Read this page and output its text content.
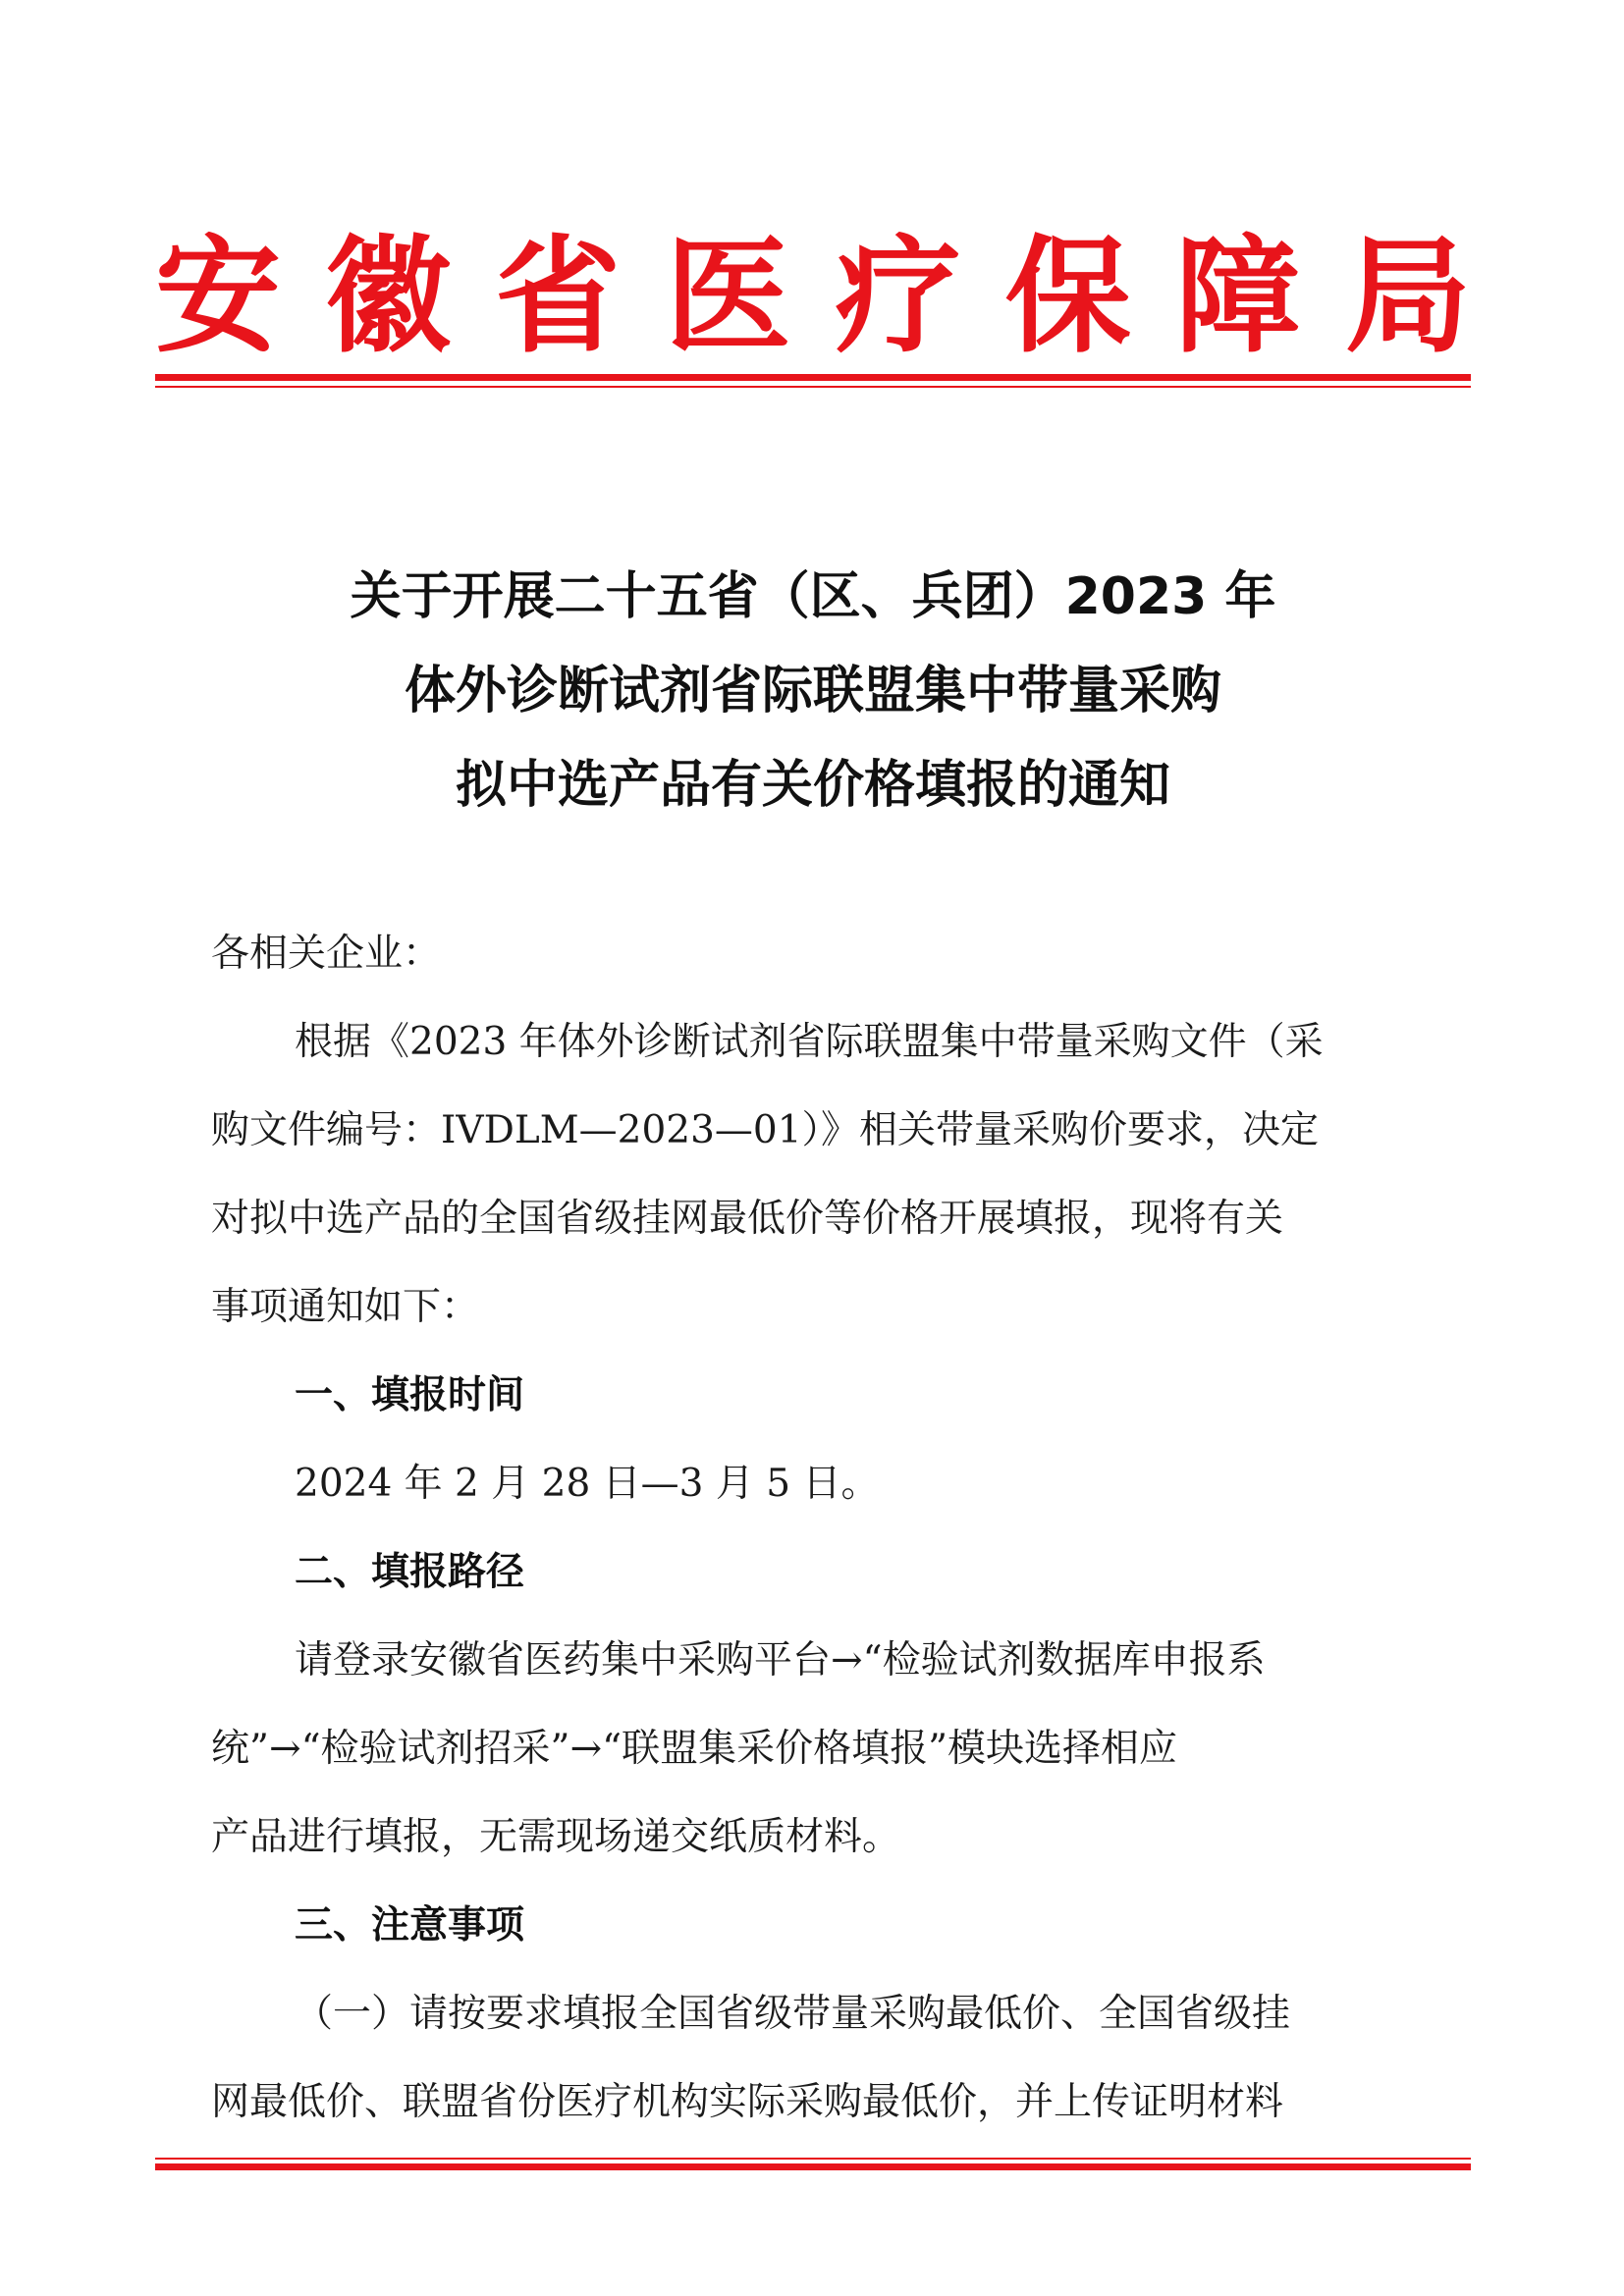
安 徽 省 医 疗 保 障 局
关于开展二十五省（区、兵团）2023 年
体外诊断试剂省际联盟集中带量采购
拟中选产品有关价格填报的通知
各相关企业：
根据《2023 年体外诊断试剂省际联盟集中带量采购文件（采
购文件编号：IVDLM—2023—01）》相关带量采购价要求，决定
对拟中选产品的全国省级挂网最低价等价格开展填报，现将有关
事项通知如下：
一、填报时间
2024 年 2 月 28 日—3 月 5 日。
二、填报路径
请登录安徽省医药集中采购平台→“检验试剂数据库申报系
统”→“检验试剂招采”→“联盟集采价格填报”模块选择相应
产品进行填报，无需现场递交纸质材料。
三、注意事项
（一）请按要求填报全国省级带量采购最低价、全国省级挂
网最低价、联盟省份医疗机构实际采购最低价，并上传证明材料
